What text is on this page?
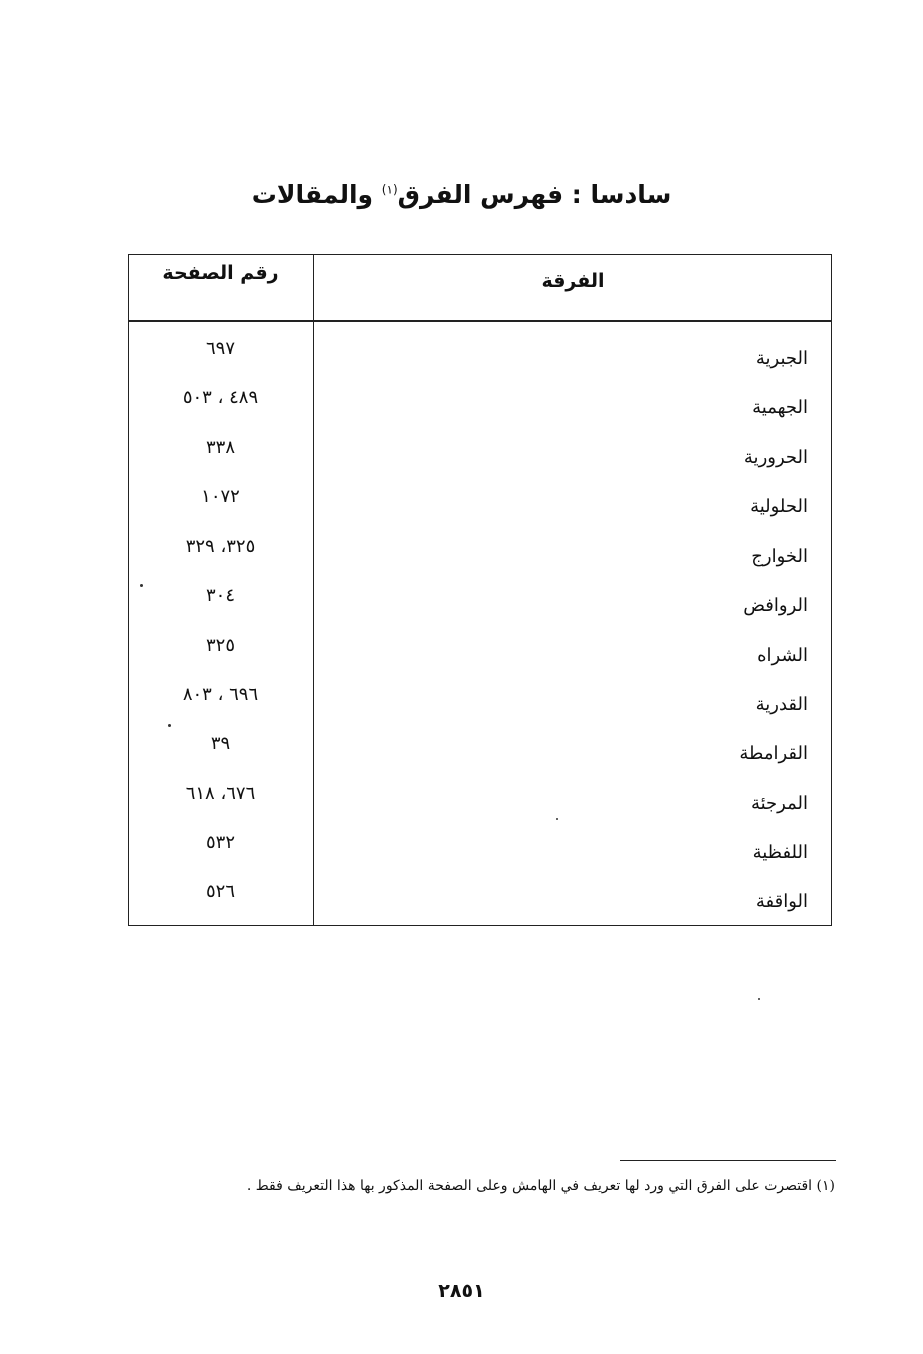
سادسا : فهرس الفرق$^{(١)}$ والمقالات
الفرقة
رقم الصفحة
الجبرية
٦٩٧
الجهمية
٤٨٩ ، ٥٠٣
الحرورية
٣٣٨
الحلولية
١٠٧٢
الخوارج
٣٢٥، ٣٢٩
الروافض
٣٠٤
الشراه
٣٢٥
القدرية
٦٩٦ ، ٨٠٣
القرامطة
٣٩
المرجئة
٦٧٦، ٦١٨
اللفظية
٥٣٢
الواقفة
٥٢٦
(١) اقتصرت على الفرق التي ورد لها تعريف في الهامش وعلى الصفحة المذكور بها هذا التعريف فقط .
٢٨٥١
